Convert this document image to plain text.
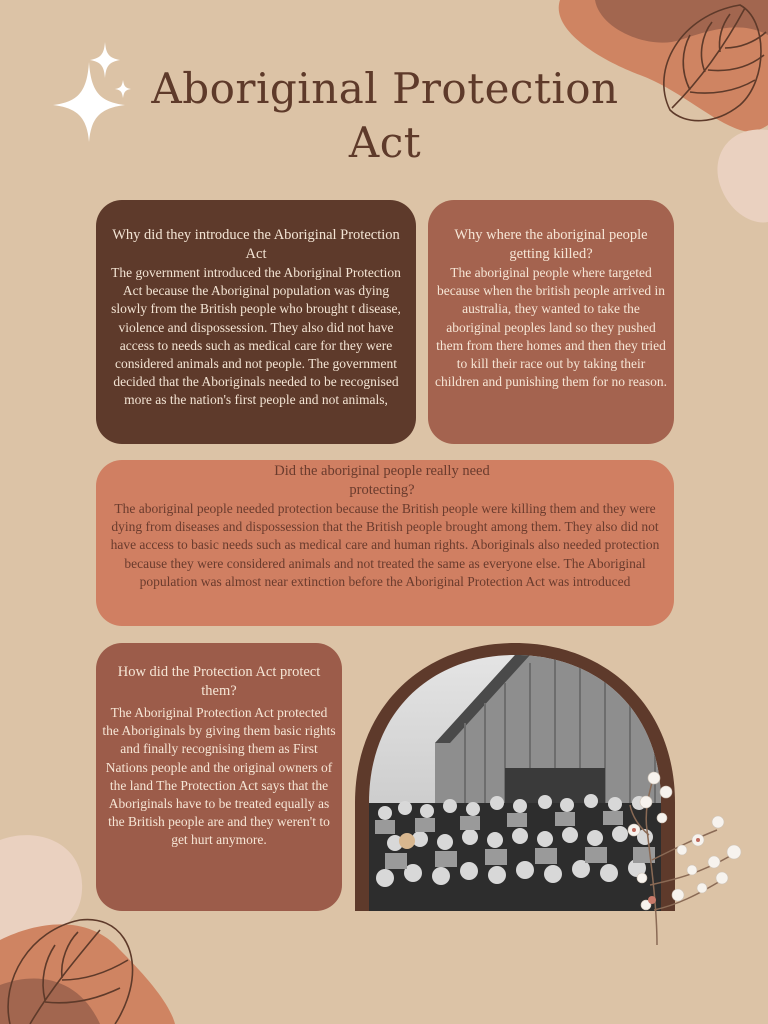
Aboriginal Protection Act
Why did they introduce the Aboriginal Protection Act

The government introduced the Aboriginal Protection Act because the Aboriginal population was dying slowly from the British people who brought t disease, violence and dispossession. They also did not have access to needs such as medical care for they were considered animals and not people. The government decided that the Aboriginals needed to be recognised more as the nation's first people and not animals,

Why where the aboriginal people getting killed?

The aboriginal people where targeted because when the british people arrived in australia, they wanted to take the aboriginal peoples land so they pushed them from there homes and then they tried to kill their race out by taking their children and punishing them for no reason.

Did the aboriginal people really need protecting?

The aboriginal people needed protection because the British people were killing them and they were dying from diseases and dispossession that the British people brought among them. They also did not have access to basic needs such as medical care and human rights. Aboriginals also needed protection because they were considered animals and not treated the same as everyone else. The Aboriginal population was almost near extinction before the Aboriginal Protection Act was introduced

How did the Protection Act protect them?

The Aboriginal Protection Act protected the Aboriginals by giving them basic rights and finally recognising them as First Nations people and the original owners of the land The Protection Act says that the Aboriginals have to be treated equally as the British people are and they weren't to get hurt anymore.
